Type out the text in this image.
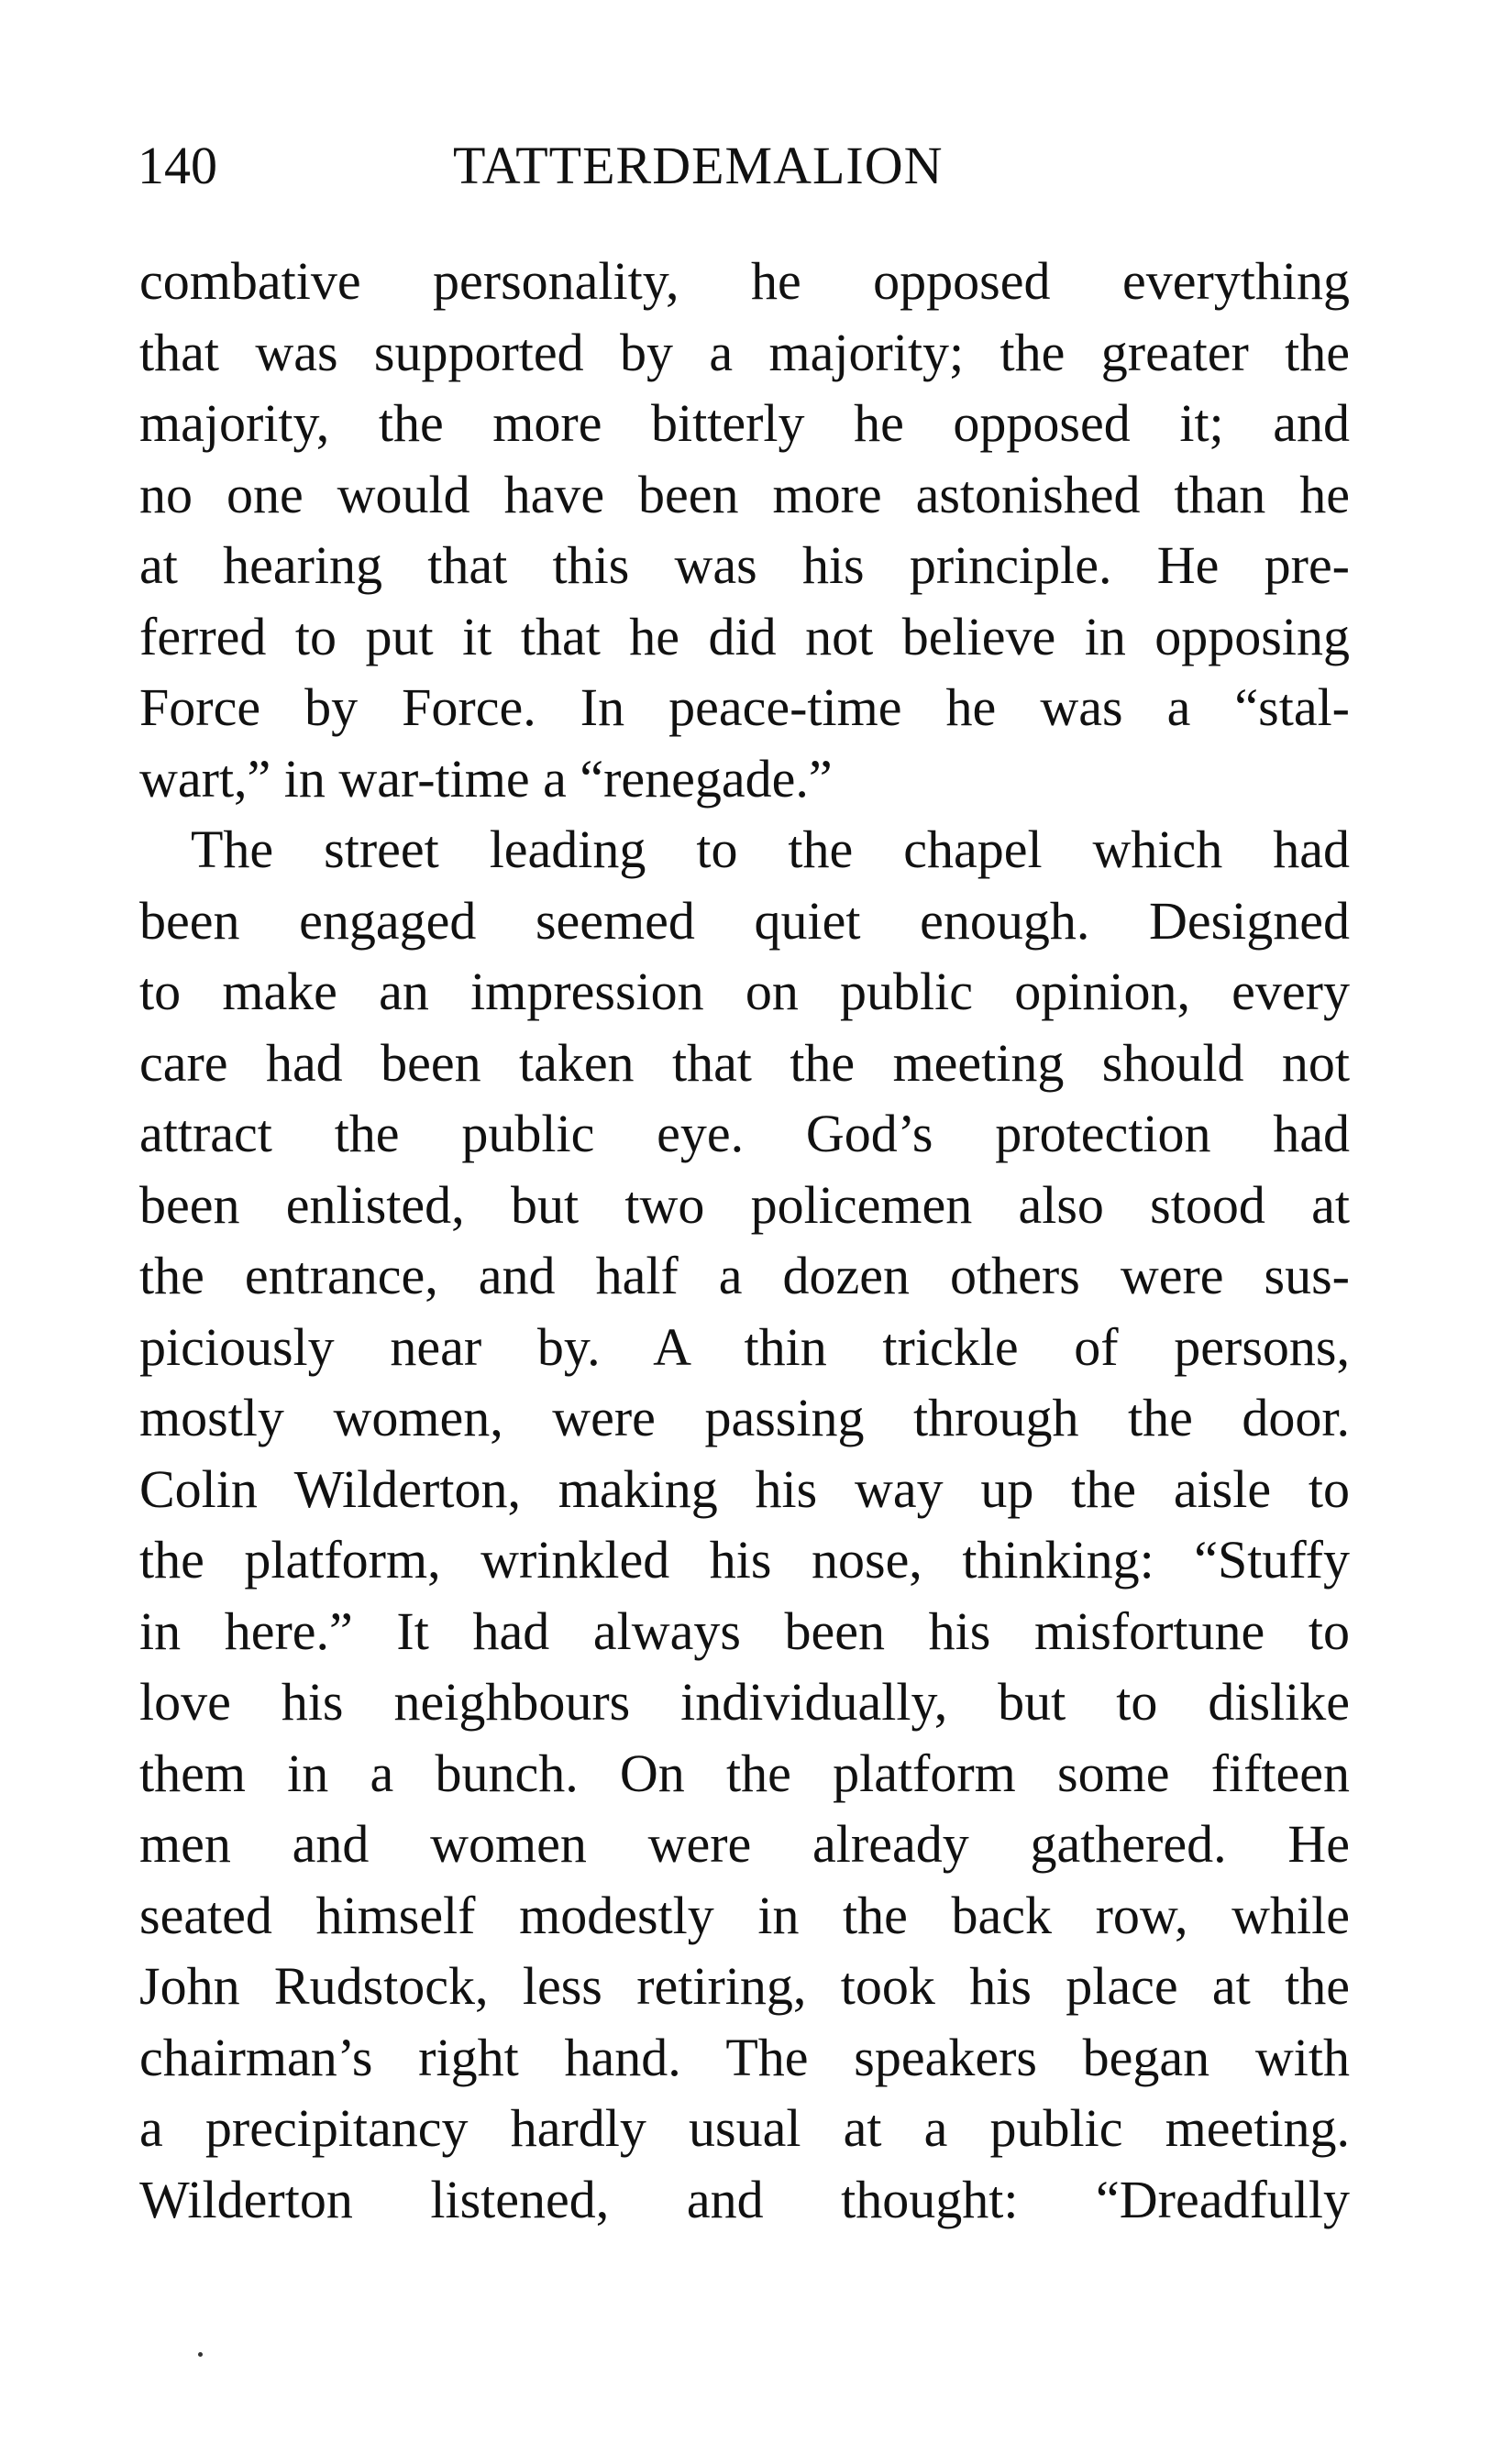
140	TATTERDEMALION
combative personality, he opposed everything
that was supported by a majority; the greater the
majority, the more bitterly he opposed it; and
no one would have been more astonished than he
at hearing that this was his principle. He pre-
ferred to put it that he did not believe in opposing
Force by Force. In peace-time he was a “stal-
wart,” in war-time a “renegade.”
The street leading to the chapel which had
been engaged seemed quiet enough. Designed
to make an impression on public opinion, every
care had been taken that the meeting should not
attract the public eye. God’s protection had
been enlisted, but two policemen also stood at
the entrance, and half a dozen others were sus-
piciously near by. A thin trickle of persons,
mostly women, were passing through the door.
Colin Wilderton, making his way up the aisle to
the platform, wrinkled his nose, thinking: “Stuffy
in here.” It had always been his misfortune to
love his neighbours individually, but to dislike
them in a bunch. On the platform some fifteen
men and women were already gathered. He
seated himself modestly in the back row, while
John Rudstock, less retiring, took his place at the
chairman’s right hand. The speakers began with
a precipitancy hardly usual at a public meeting.
Wilderton listened, and thought: “Dreadfully
